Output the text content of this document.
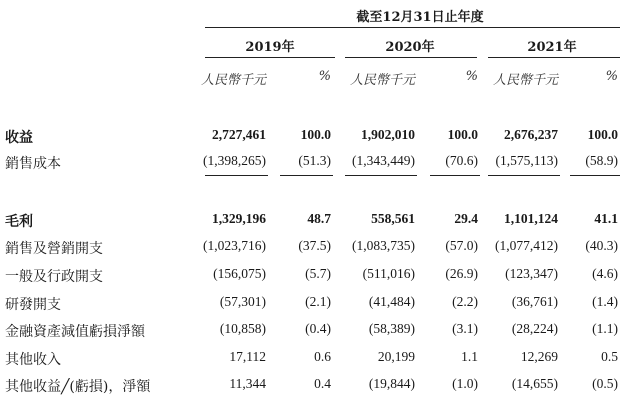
截至12月31日止年度
2019年
人民幣千元	%
2020年
人民幣千元	%
2021年
人民幣千元	%
收益	2,727,461	100.0	1,902,010	100.0	2,676,237	100.0
銷售成本	(1,398,265)	(51.3)	(1,343,449)	(70.6)	(1,575,113)	(58.9)
毛利	1,329,196	48.7	558,561	29.4	1,101,124	41.1
銷售及營銷開支	(1,023,716)	(37.5)	(1,083,735)	(57.0)	(1,077,412)	(40.3)
一般及行政開支	(156,075)	(5.7)	(511,016)	(26.9)	(123,347)	(4.6)
研發開支	(57,301)	(2.1)	(41,484)	(2.2)	(36,761)	(1.4)
金融資產減值虧損淨額	(10,858)	(0.4)	(58,389)	(3.1)	(28,224)	(1.1)
其他收入	17,112	0.6	20,199	1.1	12,269	0.5
其他收益╱(虧損)，淨額	11,344	0.4	(19,844)	(1.0)	(14,655)	(0.5)
